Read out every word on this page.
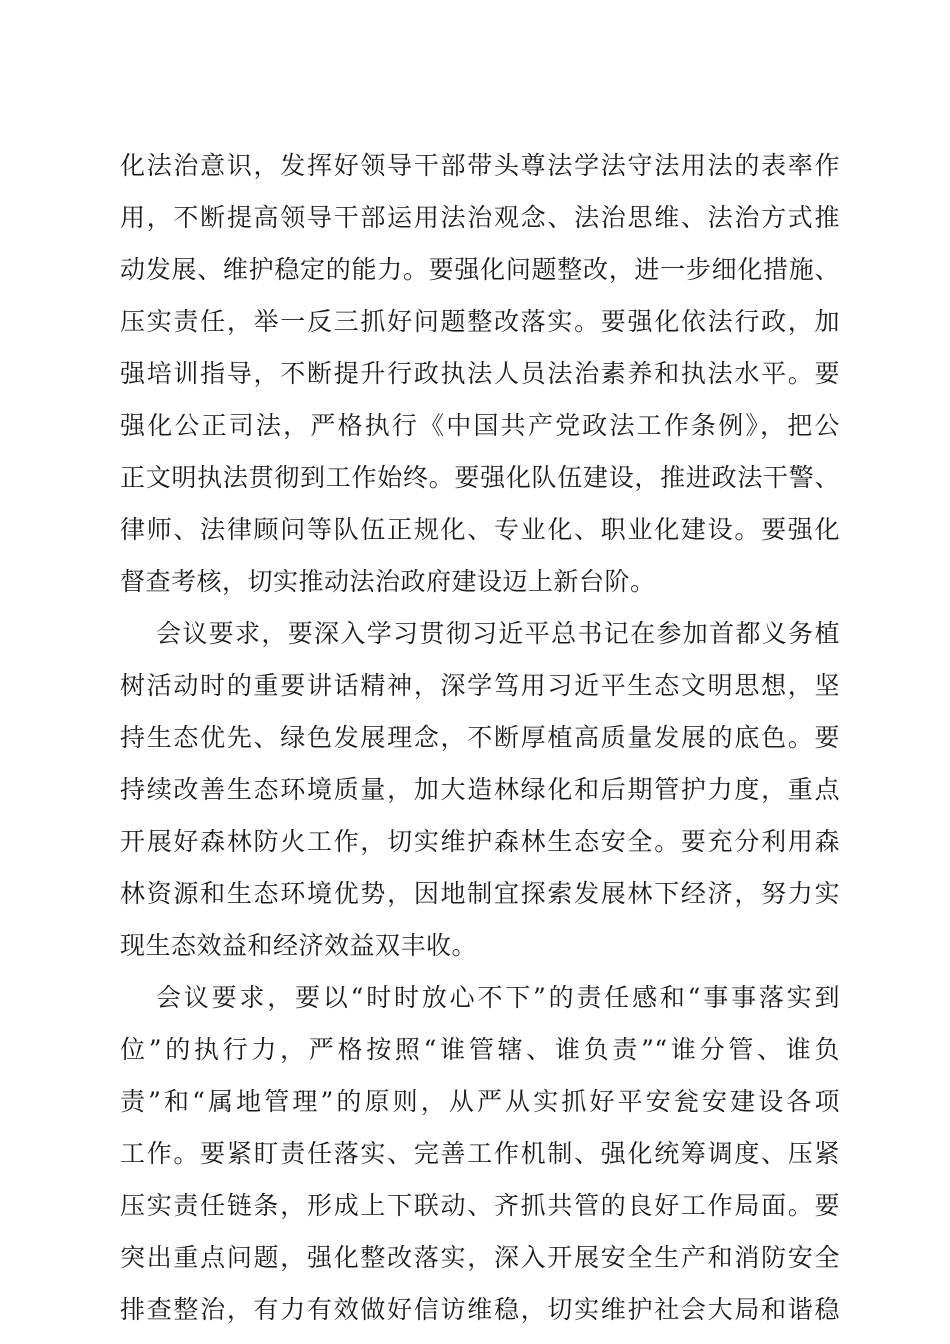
化法治意识，发挥好领导干部带头尊法学法守法用法的表率作
用，不断提高领导干部运用法治观念、法治思维、法治方式推
动发展、维护稳定的能力。要强化问题整改，进一步细化措施、
压实责任，举一反三抓好问题整改落实。要强化依法行政，加
强培训指导，不断提升行政执法人员法治素养和执法水平。要
强化公正司法，严格执行《中国共产党政法工作条例》，把公
正文明执法贯彻到工作始终。要强化队伍建设，推进政法干警、
律师、法律顾问等队伍正规化、专业化、职业化建设。要强化
督查考核，切实推动法治政府建设迈上新台阶。
会议要求，要深入学习贯彻习近平总书记在参加首都义务植
树活动时的重要讲话精神，深学笃用习近平生态文明思想，坚
持生态优先、绿色发展理念，不断厚植高质量发展的底色。要
持续改善生态环境质量，加大造林绿化和后期管护力度，重点
开展好森林防火工作，切实维护森林生态安全。要充分利用森
林资源和生态环境优势，因地制宜探索发展林下经济，努力实
现生态效益和经济效益双丰收。
会议要求，要以“时时放心不下”的责任感和“事事落实到
位”的执行力，严格按照“谁管辖、谁负责”“谁分管、谁负
责”和“属地管理”的原则，从严从实抓好平安瓮安建设各项
工作。要紧盯责任落实、完善工作机制、强化统筹调度、压紧
压实责任链条，形成上下联动、齐抓共管的良好工作局面。要
突出重点问题，强化整改落实，深入开展安全生产和消防安全
排查整治，有力有效做好信访维稳，切实维护社会大局和谐稳
